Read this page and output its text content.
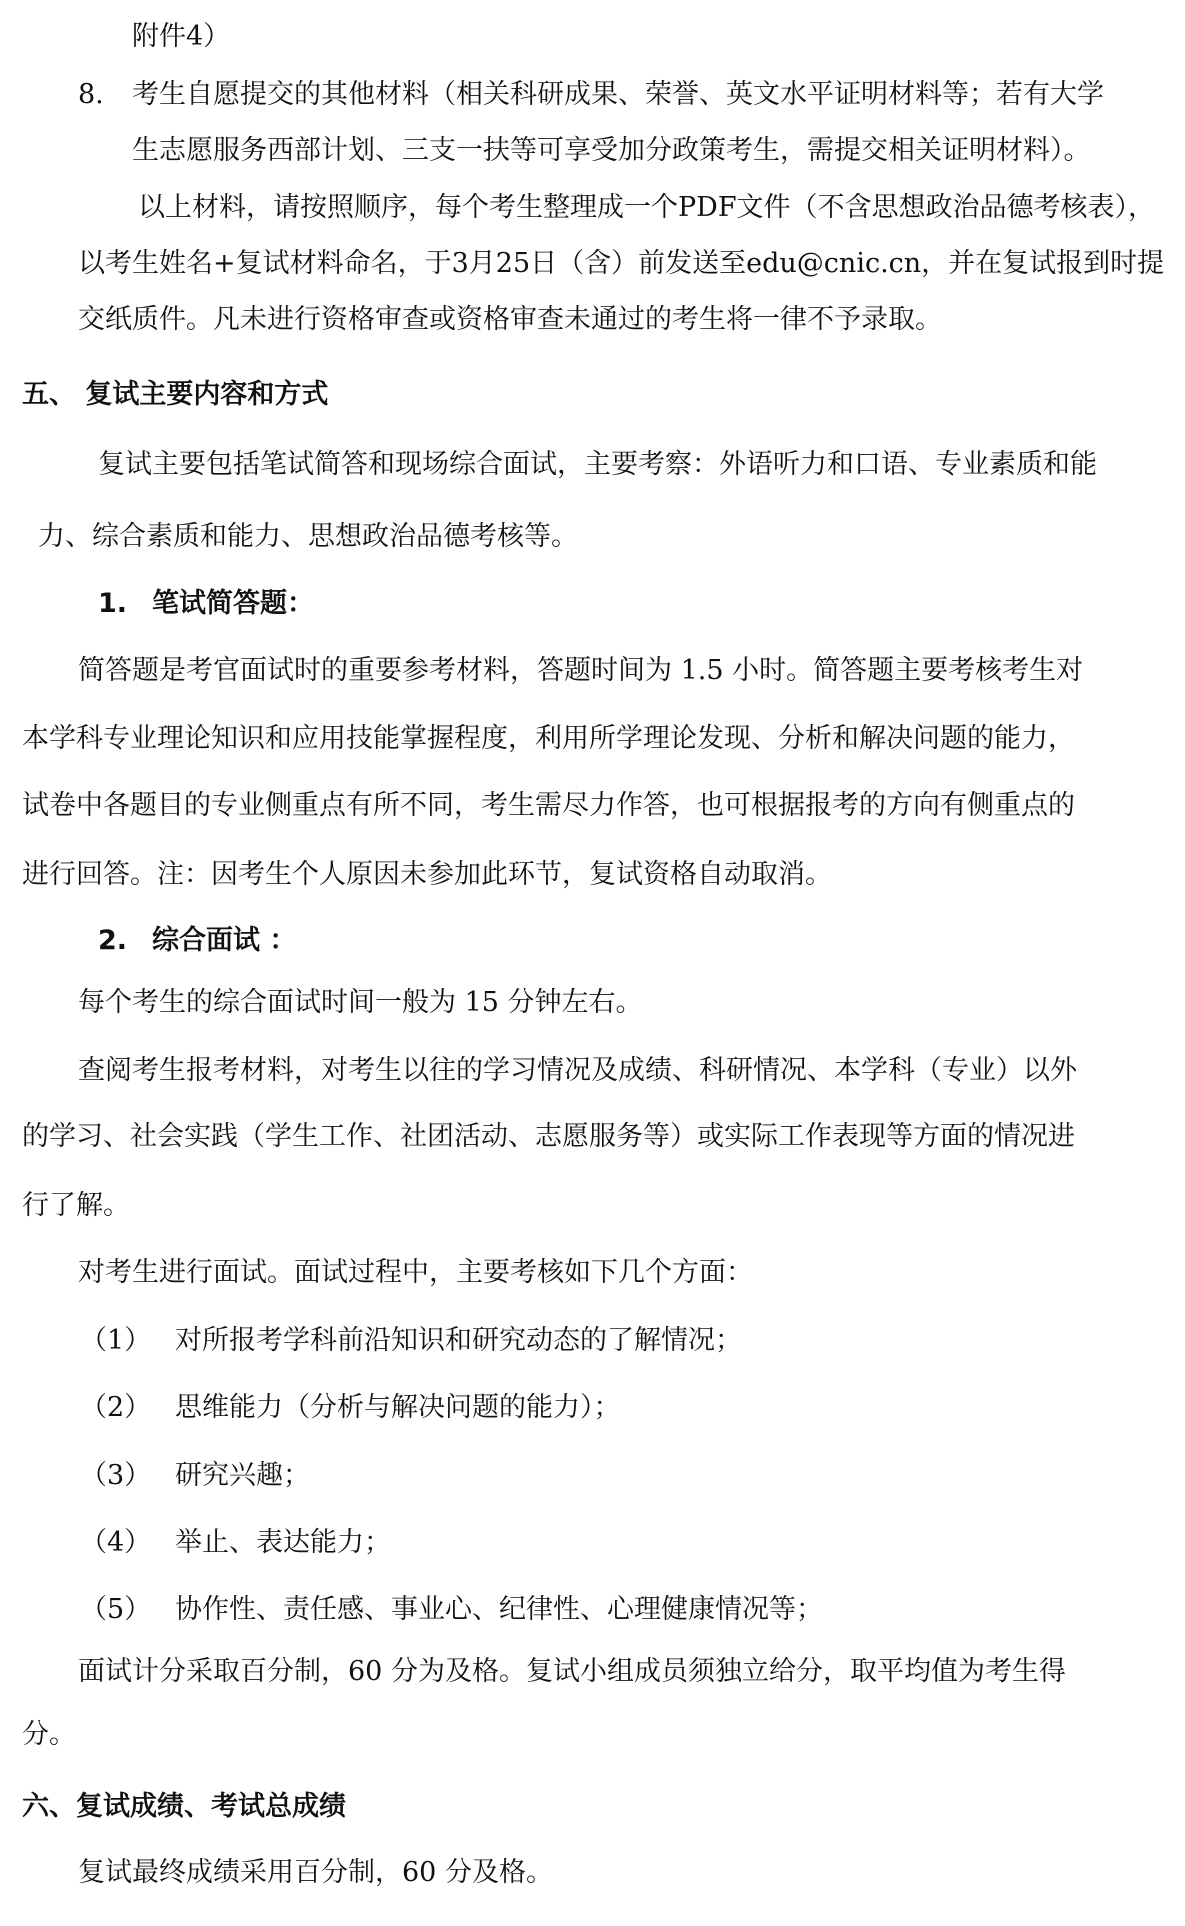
附件4）
8. 考生自愿提交的其他材料（相关科研成果、荣誉、英文水平证明材料等；若有大学
生志愿服务西部计划、三支一扶等可享受加分政策考生，需提交相关证明材料）。
以上材料，请按照顺序，每个考生整理成一个PDF文件（不含思想政治品德考核表），
以考生姓名+复试材料命名，于3月25日（含）前发送至edu@cnic.cn，并在复试报到时提
交纸质件。凡未进行资格审查或资格审查未通过的考生将一律不予录取。
五、 复试主要内容和方式
复试主要包括笔试简答和现场综合面试，主要考察：外语听力和口语、专业素质和能
力、综合素质和能力、思想政治品德考核等。
1. 笔试简答题：
简答题是考官面试时的重要参考材料，答题时间为 1.5 小时。简答题主要考核考生对
本学科专业理论知识和应用技能掌握程度，利用所学理论发现、分析和解决问题的能力，
试卷中各题目的专业侧重点有所不同，考生需尽力作答，也可根据报考的方向有侧重点的
进行回答。注：因考生个人原因未参加此环节，复试资格自动取消。
2. 综合面试 ：
每个考生的综合面试时间一般为 15 分钟左右。
查阅考生报考材料，对考生以往的学习情况及成绩、科研情况、本学科（专业）以外
的学习、社会实践（学生工作、社团活动、志愿服务等）或实际工作表现等方面的情况进
行了解。
对考生进行面试。面试过程中，主要考核如下几个方面：
（1） 对所报考学科前沿知识和研究动态的了解情况；
（2） 思维能力（分析与解决问题的能力）；
（3） 研究兴趣；
（4） 举止、表达能力；
（5） 协作性、责任感、事业心、纪律性、心理健康情况等；
面试计分采取百分制，60 分为及格。复试小组成员须独立给分，取平均值为考生得
分。
六、复试成绩、考试总成绩
复试最终成绩采用百分制，60 分及格。
